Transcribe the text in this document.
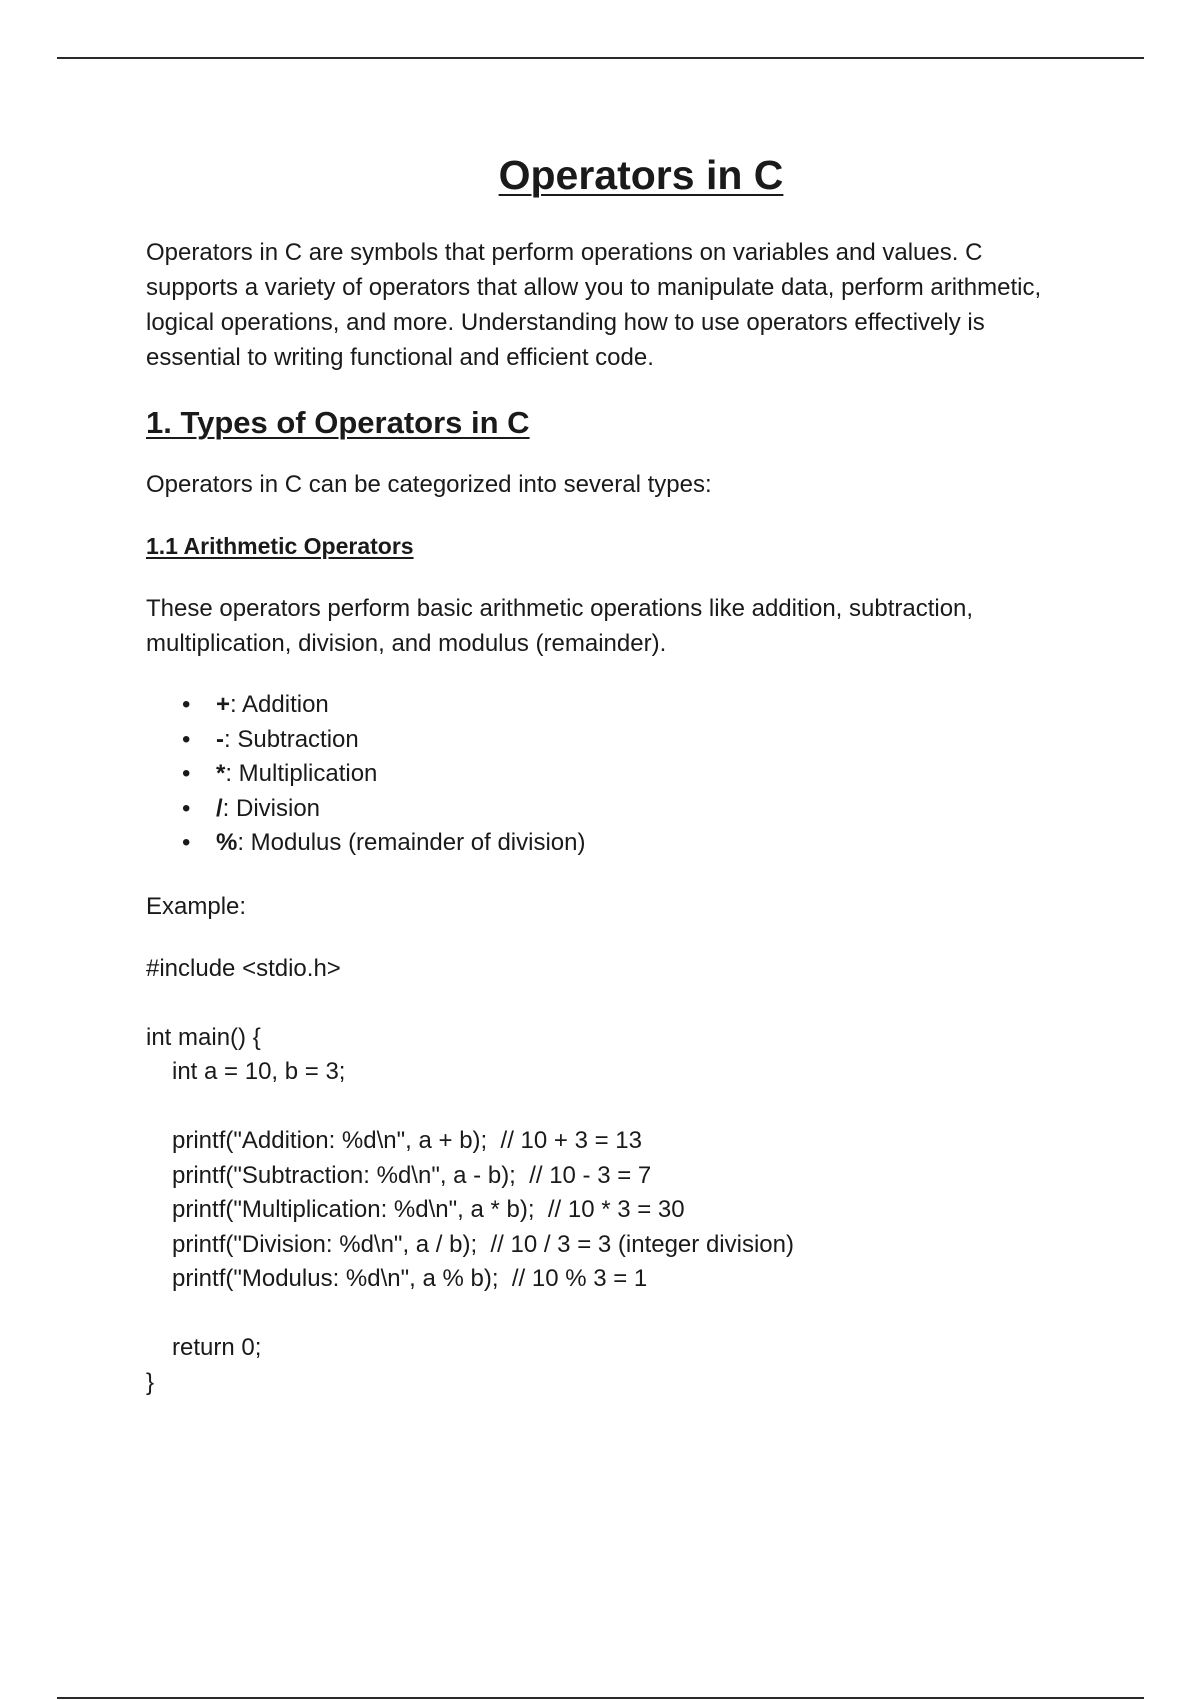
Operators in C

Operators in C are symbols that perform operations on variables and values. C supports a variety of operators that allow you to manipulate data, perform arithmetic, logical operations, and more. Understanding how to use operators effectively is essential to writing functional and efficient code.

1. Types of Operators in C

Operators in C can be categorized into several types:

1.1 Arithmetic Operators

These operators perform basic arithmetic operations like addition, subtraction, multiplication, division, and modulus (remainder).

•	+: Addition
•	-: Subtraction
•	*: Multiplication
•	/: Division
•	%: Modulus (remainder of division)

Example:

#include <stdio.h>
int main() {
int a = 10, b = 3;
printf("Addition: %d\n", a + b);  // 10 + 3 = 13
printf("Subtraction: %d\n", a - b);  // 10 - 3 = 7
printf("Multiplication: %d\n", a * b);  // 10 * 3 = 30
printf("Division: %d\n", a / b);  // 10 / 3 = 3 (integer division)
printf("Modulus: %d\n", a % b);  // 10 % 3 = 1
return 0;
}
